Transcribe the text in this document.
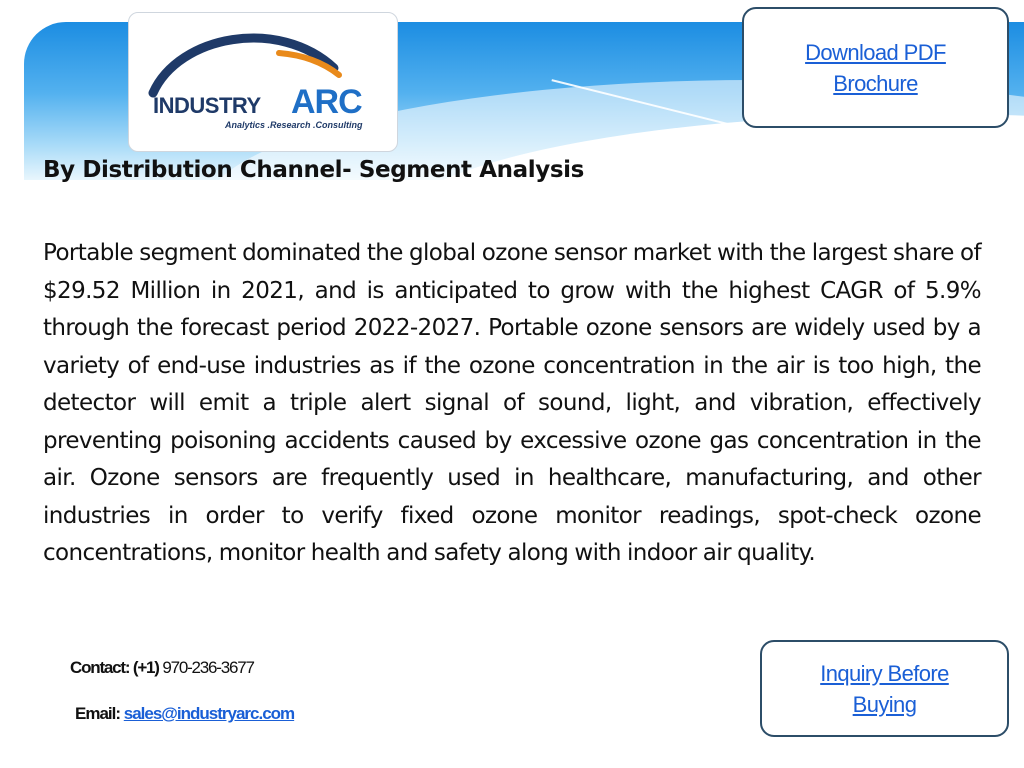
INDUSTRY ARC
Analytics .Research .Consulting
Download PDF Brochure
By Distribution Channel- Segment Analysis

Portable segment dominated the global ozone sensor market with the largest share of $29.52 Million in 2021, and is anticipated to grow with the highest CAGR of 5.9% through the forecast period 2022-2027. Portable ozone sensors are widely used by a variety of end-use industries as if the ozone concentration in the air is too high, the detector will emit a triple alert signal of sound, light, and vibration, effectively preventing poisoning accidents caused by excessive ozone gas concentration in the air. Ozone sensors are frequently used in healthcare, manufacturing, and other industries in order to verify fixed ozone monitor readings, spot-check ozone concentrations, monitor health and safety along with indoor air quality.

Contact: (+1) 970-236-3677
Email: sales@industryarc.com
Inquiry Before Buying
